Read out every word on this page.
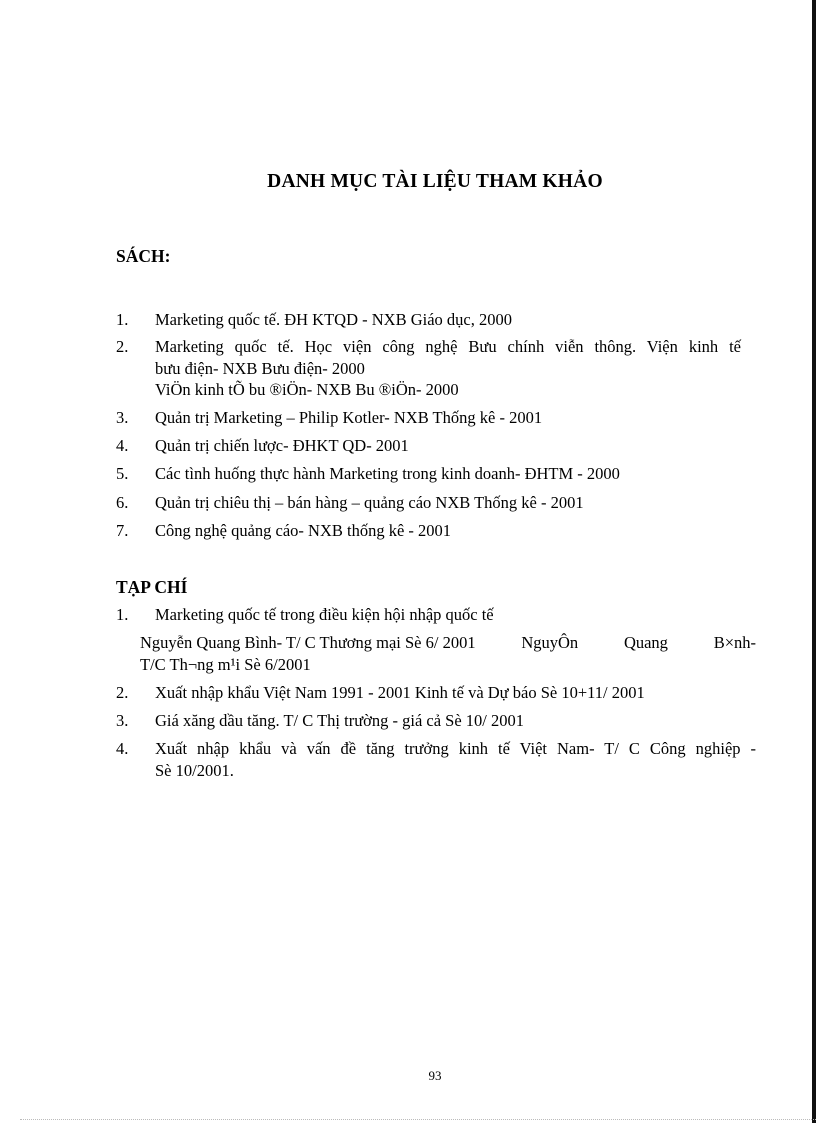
DANH MỤC TÀI LIỆU THAM KHẢO
SÁCH:
1. Marketing quốc tế. ĐH KTQD - NXB Giáo dục, 2000
2. Marketing quốc tế. Học viện công nghệ Bưu chính viễn thông. Viện kinh tế
bưu điện- NXB Bưu điện- 2000
ViÖn kinh tÕ bu ®iÖn- NXB Bu ®iÖn- 2000
3. Quản trị Marketing – Philip Kotler- NXB Thống kê - 2001
4. Quản trị chiến lược- ĐHKT QD- 2001
5. Các tình huống thực hành Marketing trong kinh doanh- ĐHTM - 2000
6. Quản trị chiêu thị – bán hàng – quảng cáo NXB Thống kê - 2001
7. Công nghệ quảng cáo- NXB thống kê - 2001
TẠP CHÍ
1. Marketing quốc tế trong điều kiện hội nhập quốc tế
Nguyễn Quang Bình- T/ C Thương mại Sè 6/ 2001	NguyÔn	Quang	B×nh-
T/C Th¬ng m¹i Sè 6/2001
2. Xuất nhập khẩu Việt Nam 1991 - 2001 Kinh tế và Dự báo Sè 10+11/ 2001
3. Giá xăng dầu tăng. T/ C Thị trường - giá cả Sè 10/ 2001
4. Xuất nhập khẩu và vấn đề tăng trưởng kinh tế Việt Nam- T/ C Công nghiệp -
Sè 10/2001.
93
